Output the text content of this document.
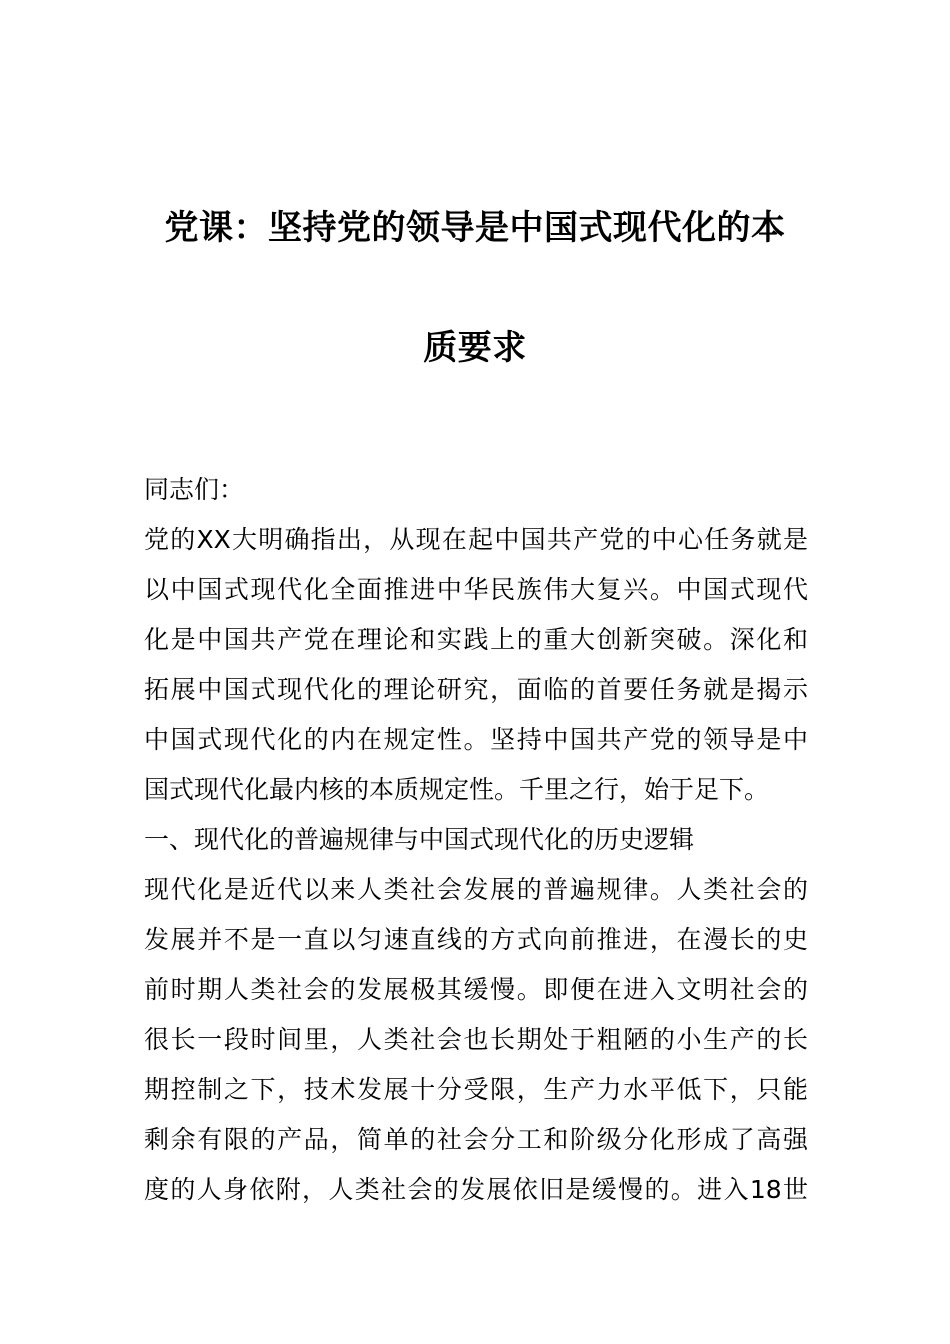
党课：坚持党的领导是中国式现代化的本
质要求
同志们：
党的XX大明确指出，从现在起中国共产党的中心任务就是
以中国式现代化全面推进中华民族伟大复兴。中国式现代
化是中国共产党在理论和实践上的重大创新突破。深化和
拓展中国式现代化的理论研究，面临的首要任务就是揭示
中国式现代化的内在规定性。坚持中国共产党的领导是中
国式现代化最内核的本质规定性。千里之行，始于足下。
一、现代化的普遍规律与中国式现代化的历史逻辑
现代化是近代以来人类社会发展的普遍规律。人类社会的
发展并不是一直以匀速直线的方式向前推进，在漫长的史
前时期人类社会的发展极其缓慢。即便在进入文明社会的
很长一段时间里，人类社会也长期处于粗陋的小生产的长
期控制之下，技术发展十分受限，生产力水平低下，只能
剩余有限的产品，简单的社会分工和阶级分化形成了高强
度的人身依附，人类社会的发展依旧是缓慢的。进入18世
